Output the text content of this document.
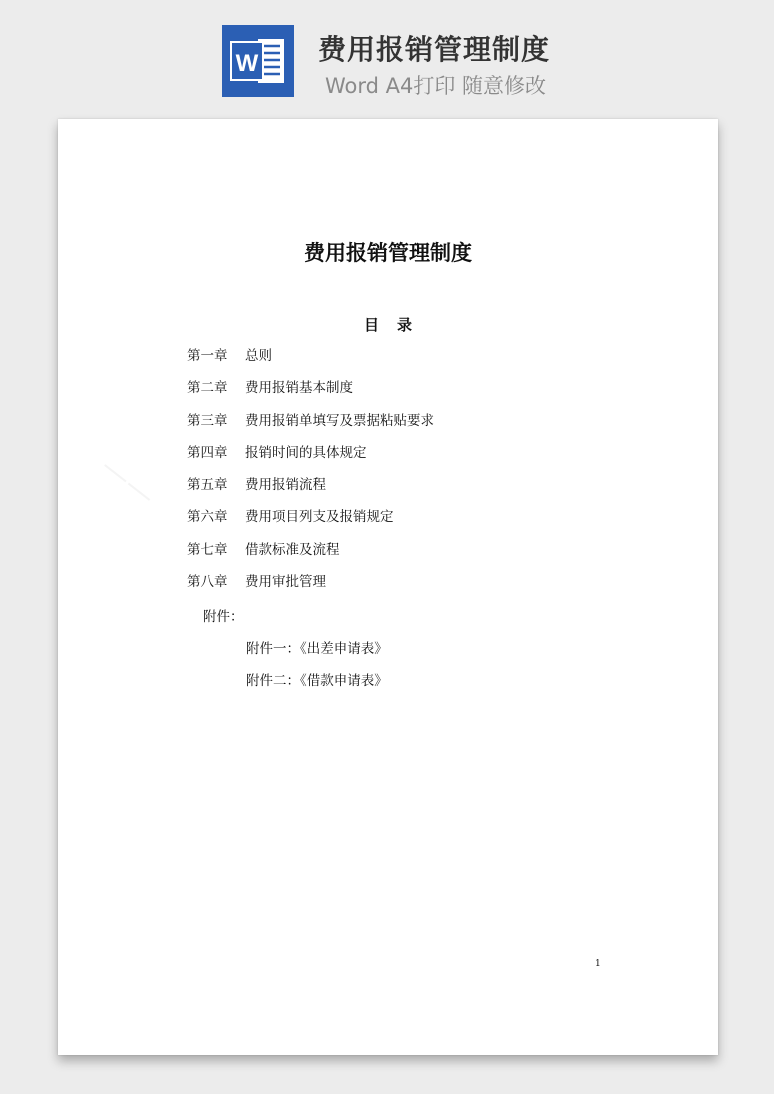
W 费用报销管理制度
Word A4打印 随意修改
费用报销管理制度
目录
第一章 总则
第二章 费用报销基本制度
第三章 费用报销单填写及票据粘贴要求
第四章 报销时间的具体规定
第五章 费用报销流程
第六章 费用项目列支及报销规定
第七章 借款标准及流程
第八章 费用审批管理
附件：
附件一：《出差申请表》
附件二：《借款申请表》
1
